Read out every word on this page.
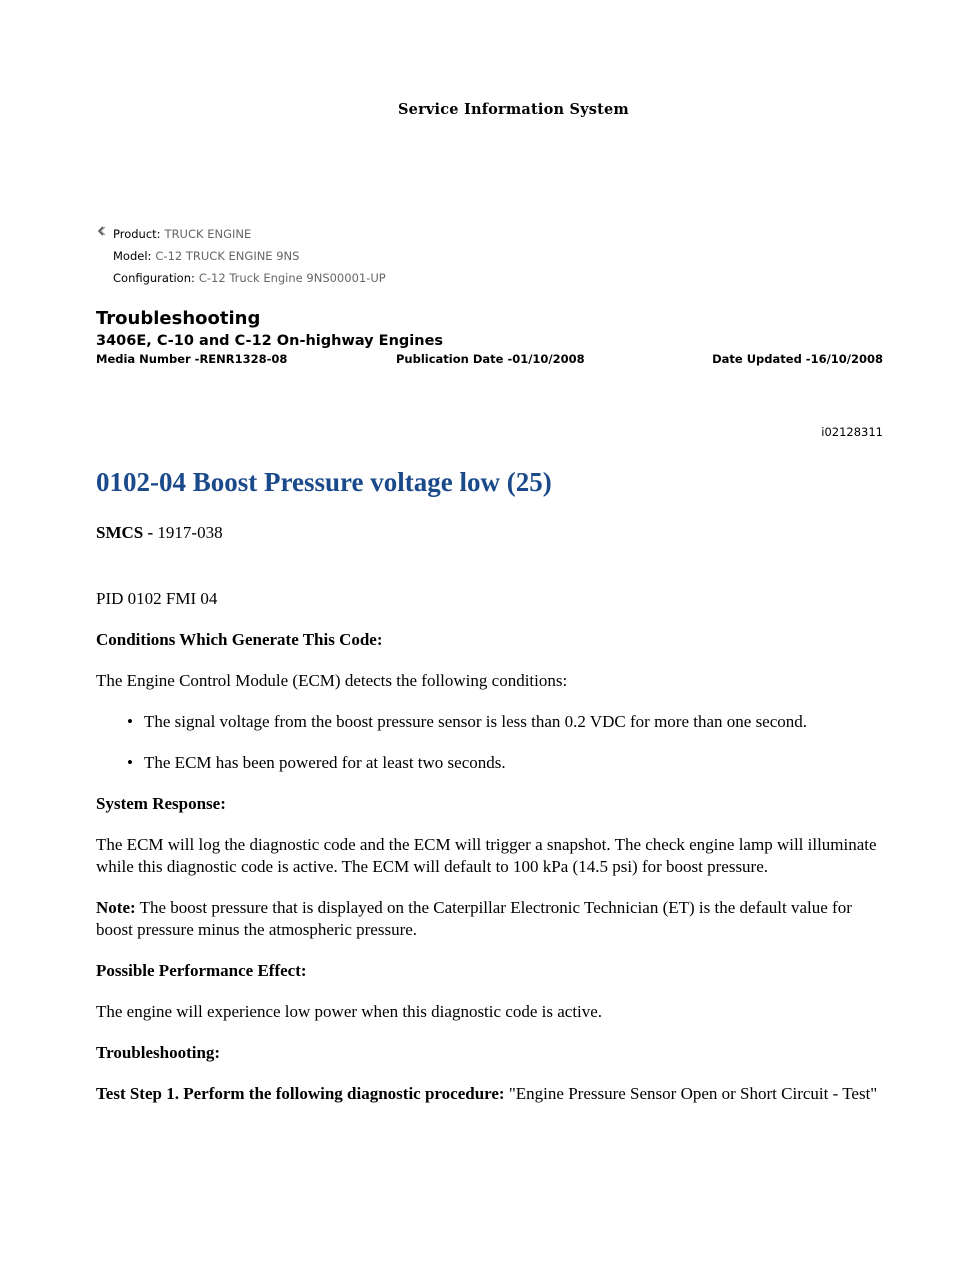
Service Information System
Product: TRUCK ENGINE
Model: C-12 TRUCK ENGINE 9NS
Configuration: C-12 Truck Engine 9NS00001-UP
Troubleshooting
3406E, C-10 and C-12 On-highway Engines
Media Number -RENR1328-08	Publication Date -01/10/2008	Date Updated -16/10/2008
i02128311
0102-04 Boost Pressure voltage low (25)

SMCS - 1917-038

PID 0102 FMI 04

Conditions Which Generate This Code:

The Engine Control Module (ECM) detects the following conditions:

• The signal voltage from the boost pressure sensor is less than 0.2 VDC for more than one second.
• The ECM has been powered for at least two seconds.

System Response:

The ECM will log the diagnostic code and the ECM will trigger a snapshot. The check engine lamp will illuminate while this diagnostic code is active. The ECM will default to 100 kPa (14.5 psi) for boost pressure.

Note: The boost pressure that is displayed on the Caterpillar Electronic Technician (ET) is the default value for boost pressure minus the atmospheric pressure.

Possible Performance Effect:

The engine will experience low power when this diagnostic code is active.

Troubleshooting:

Test Step 1. Perform the following diagnostic procedure: "Engine Pressure Sensor Open or Short Circuit - Test"
